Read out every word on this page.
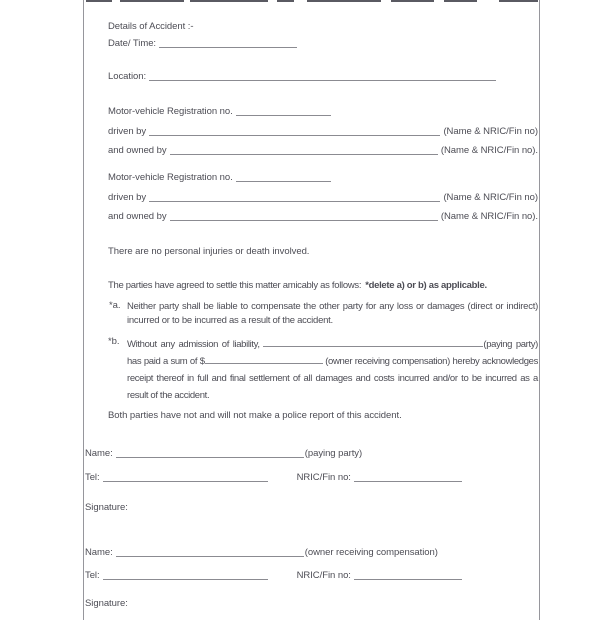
Details of Accident :-
Date/ Time:
Location:
Motor-vehicle Registration no.
driven by	(Name & NRIC/Fin no)
and owned by	(Name & NRIC/Fin no).
Motor-vehicle Registration no.
driven by	(Name & NRIC/Fin no)
and owned by	(Name & NRIC/Fin no).
There are no personal injuries or death involved.
The parties have agreed to settle this matter amicably as follows: *delete a) or b) as applicable.
*a. Neither party shall be liable to compensate the other party for any loss or damages (direct or indirect) incurred or to be incurred as a result of the accident.
*b. Without any admission of liability,	(paying party) has paid a sum of $	(owner receiving compensation) hereby acknowledges receipt thereof in full and final settlement of all damages and costs incurred and/or to be incurred as a result of the accident.
Both parties have not and will not make a police report of this accident.
Name:	(paying party)
Tel:	NRIC/Fin no:
Signature:
Name:	(owner receiving compensation)
Tel:	NRIC/Fin no:
Signature:
